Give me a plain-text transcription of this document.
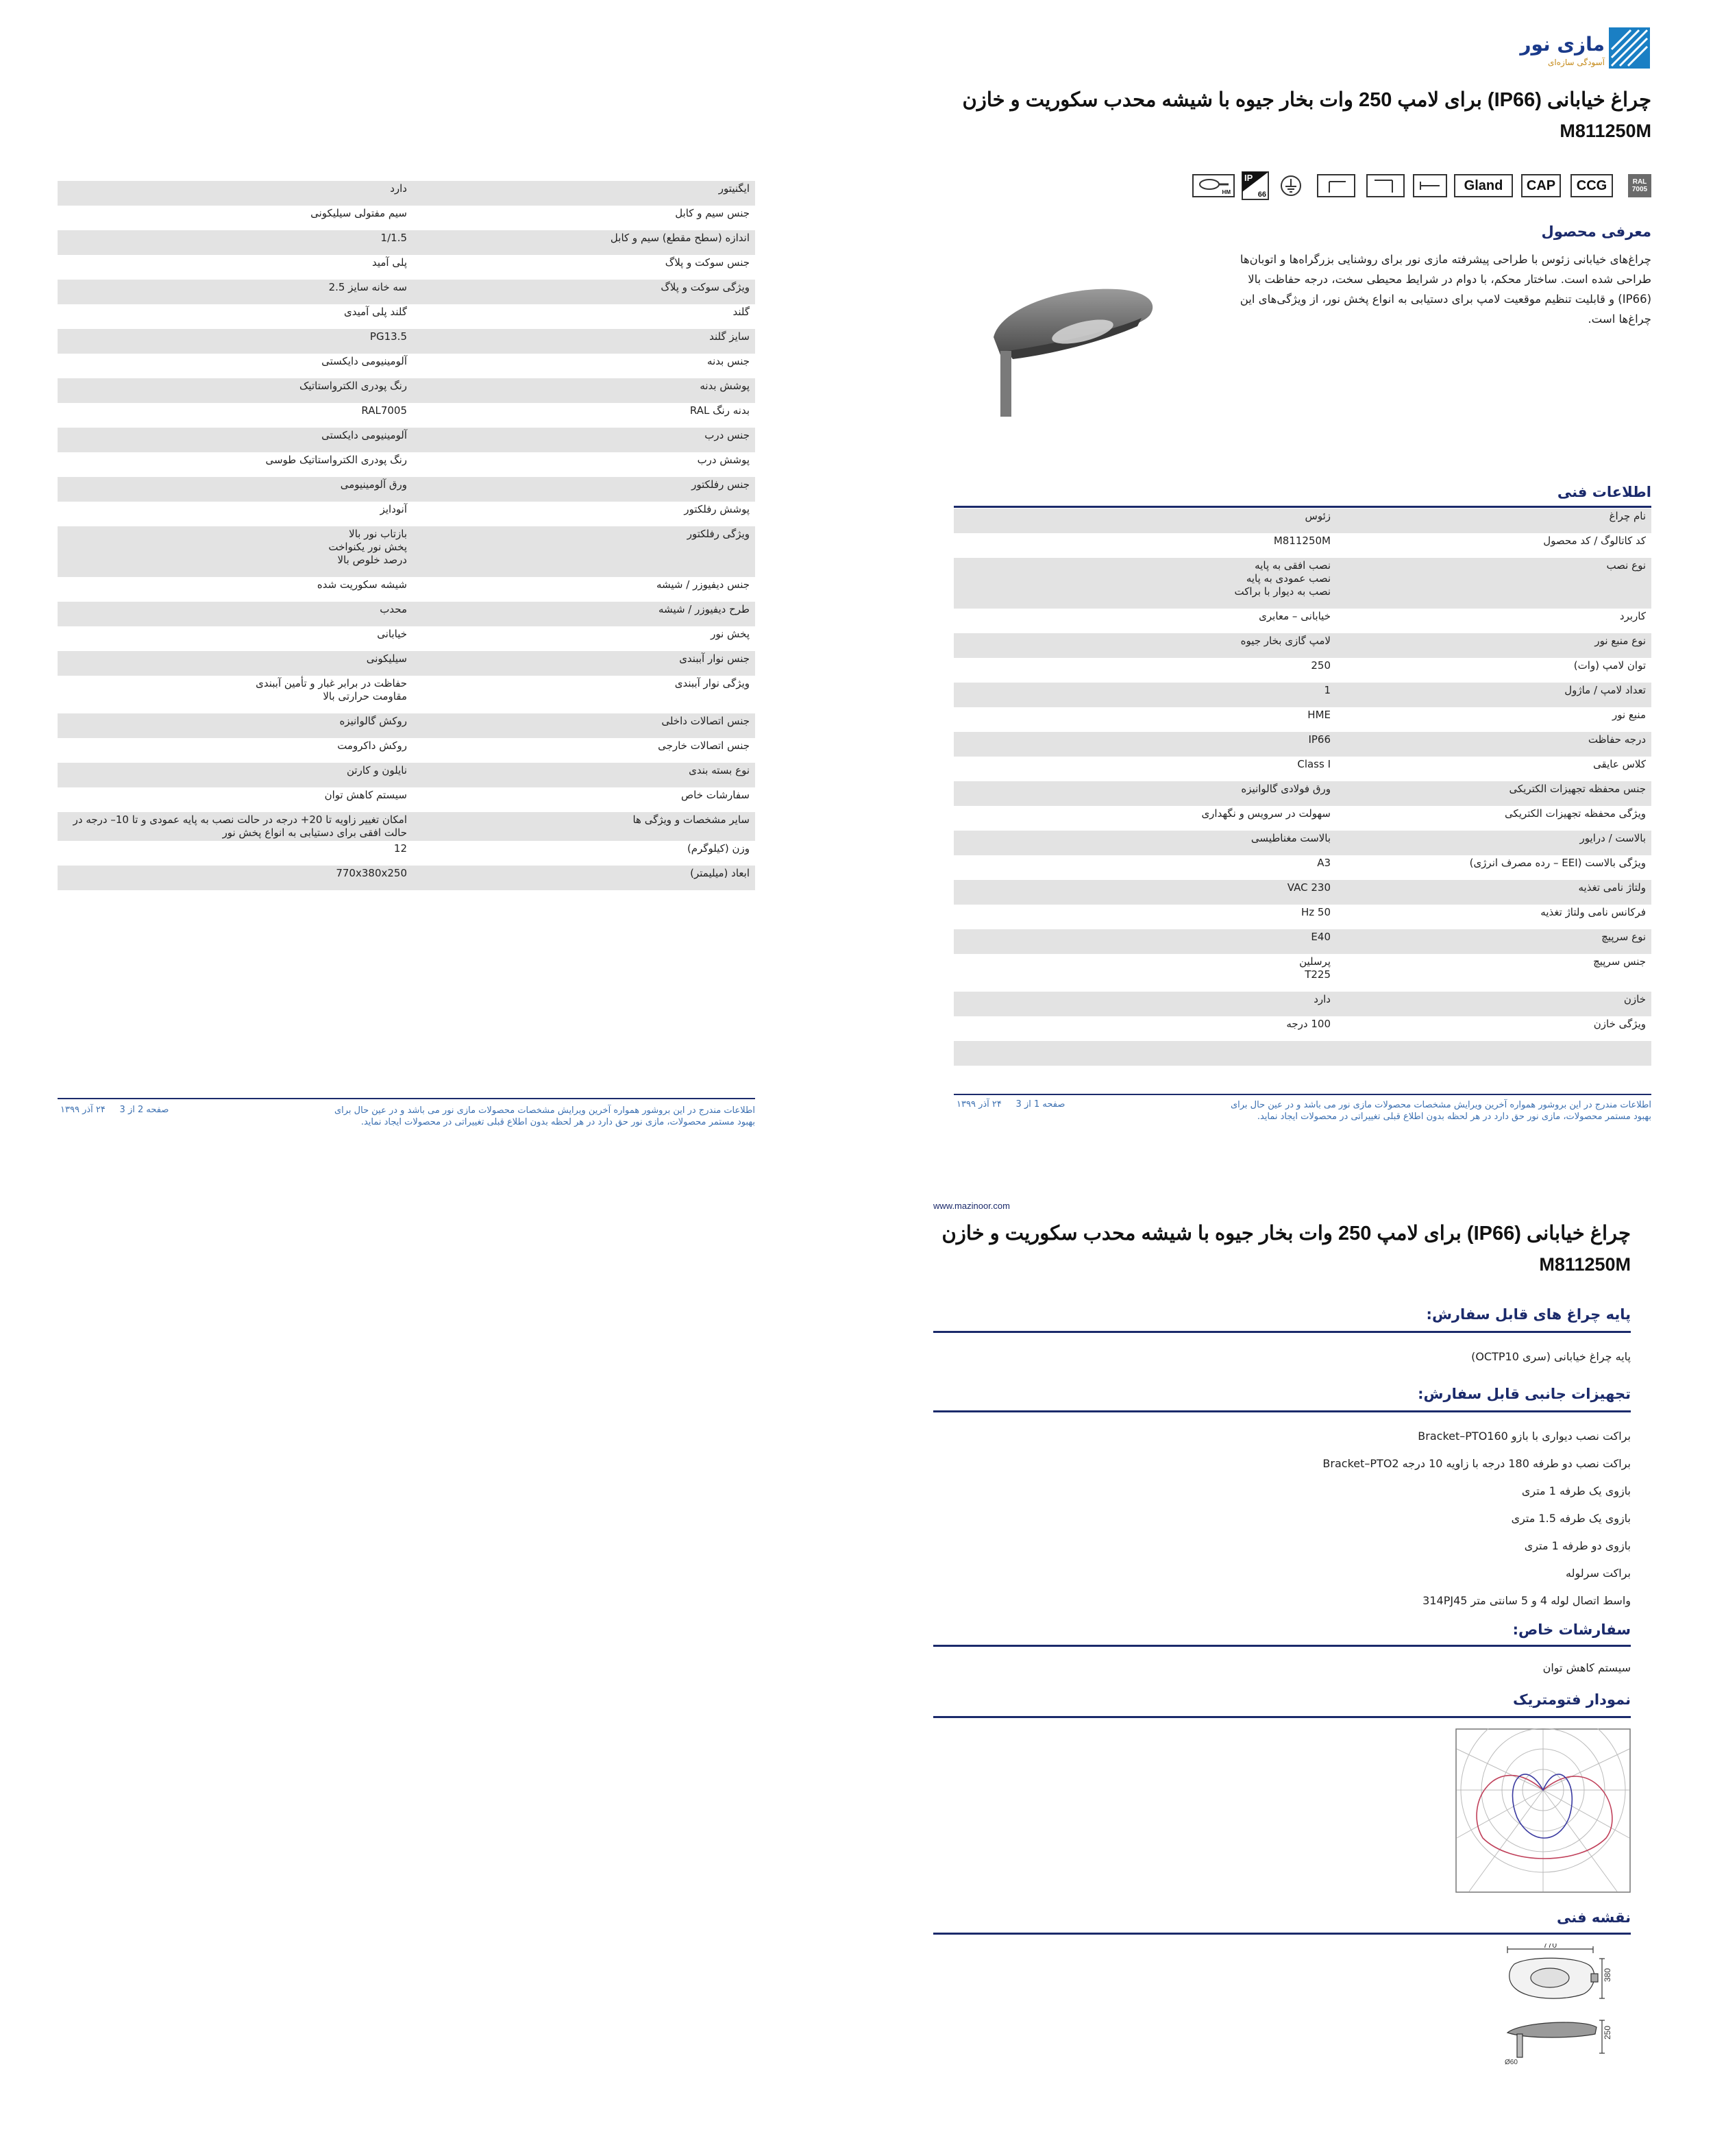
مازی نور
آسودگی سازه‌ای
چراغ خیابانی (IP66) برای لامپ 250 وات بخار جیوه با شیشه محدب سکوریت و خازن
M811250M
RAL
7005
CCG
CAP
Gland
IP
66
HM
معرفی محصول
چراغ‌های خیابانی زئوس با طراحی پیشرفته مازی نور برای روشنایی بزرگراه‌ها و اتوبان‌ها طراحی شده است. ساختار محکم، با دوام در شرایط محیطی سخت، درجه حفاظت بالا (IP66) و قابلیت تنظیم موقعیت لامپ برای دستیابی به انواع پخش نور، از ویژگی‌های این چراغ‌ها است.
اطلاعات فنی
نام چراغ
زئوس
کد کاتالوگ / کد محصول
M811250M
نوع نصب
نصب افقی به پایه
نصب عمودی به پایه
نصب به دیوار با براکت
کاربرد
خیابانی – معابری
نوع منبع نور
لامپ گازی بخار جیوه
توان لامپ (وات)
250
تعداد لامپ / ماژول
1
منبع نور
HME
درجه حفاظت
IP66
کلاس عایقی
Class I
جنس محفظه تجهیزات الکتریکی
ورق فولادی گالوانیزه
ویژگی محفظه تجهیزات الکتریکی
سهولت در سرویس و نگهداری
بالاست / درایور
بالاست مغناطیسی
ویژگی بالاست (EEI – رده مصرف انرژی)
A3
ولتاژ نامی تغذیه
230 VAC
فرکانس نامی ولتاژ تغذیه
50 Hz
نوع سرپیچ
E40
جنس سرپیچ
پرسلین
T225
خازن
دارد
ویژگی خازن
100 درجه
اطلاعات مندرج در این بروشور همواره آخرین ویرایش مشخصات محصولات مازی نور می باشد و در عین حال برای بهبود مستمر محصولات، مازی نور حق دارد در هر لحظه بدون اطلاع قبلی تغییراتی در محصولات ایجاد نماید.
صفحه 1 از 3     ۲۴ آذر ۱۳۹۹
ایگنیتور
دارد
جنس سیم و کابل
سیم مفتولی سیلیکونی
اندازه (سطح مقطع) سیم و کابل
1/1.5
جنس سوکت و پلاگ
پلی آمید
ویژگی سوکت و پلاگ
سه خانه سایز 2.5
گلند
گلند پلی آمیدی
سایز گلند
PG13.5
جنس بدنه
آلومینیومی دایکستی
پوشش بدنه
رنگ پودری الکترواستاتیک
بدنه رنگ RAL
RAL7005
جنس درب
آلومینیومی دایکستی
پوشش درب
رنگ پودری الکترواستاتیک طوسی
جنس رفلکتور
ورق آلومینیومی
پوشش رفلکتور
آنودایز
ویژگی رفلکتور
بازتاب نور بالا
پخش نور یکنواخت
درصد خلوص بالا
جنس دیفیوزر / شیشه
شیشه سکوریت شده
طرح دیفیوزر / شیشه
محدب
پخش نور
خیابانی
جنس نوار آببندی
سیلیکونی
ویژگی نوار آببندی
حفاظت در برابر غبار و تأمین آببندی
مقاومت حرارتی بالا
جنس اتصالات داخلی
روکش گالوانیزه
جنس اتصالات خارجی
روکش داکرومت
نوع بسته بندی
نایلون و کارتن
سفارشات خاص
سیستم کاهش توان
سایر مشخصات و ویژگی ها
امکان تغییر زاویه تا 20+ درجه در حالت نصب به پایه عمودی و تا 10– درجه در حالت افقی برای دستیابی به انواع پخش نور
وزن (کیلوگرم)
12
ابعاد (میلیمتر)
770x380x250
اطلاعات مندرج در این بروشور همواره آخرین ویرایش مشخصات محصولات مازی نور می باشد و در عین حال برای بهبود مستمر محصولات، مازی نور حق دارد در هر لحظه بدون اطلاع قبلی تغییراتی در محصولات ایجاد نماید.
صفحه 2 از 3     ۲۴ آذر ۱۳۹۹
www.mazinoor.com
چراغ خیابانی (IP66) برای لامپ 250 وات بخار جیوه با شیشه محدب سکوریت و خازن
M811250M
پایه چراغ های قابل سفارش:
پایه چراغ خیابانی (سری OCTP10)
تجهیزات جانبی قابل سفارش:
براکت نصب دیواری با بازو Bracket–PTO160
براکت نصب دو طرفه 180 درجه با زاویه 10 درجه Bracket–PTO2
بازوی یک طرفه 1 متری
بازوی یک طرفه 1.5 متری
بازوی دو طرفه 1 متری
براکت سرلوله
واسط اتصال لوله 4 و 5 سانتی متر 314PJ45
سفارشات خاص:
سیستم کاهش توان
نمودار فتومتریک
نقشه فنی
770
380
250
Ø60
